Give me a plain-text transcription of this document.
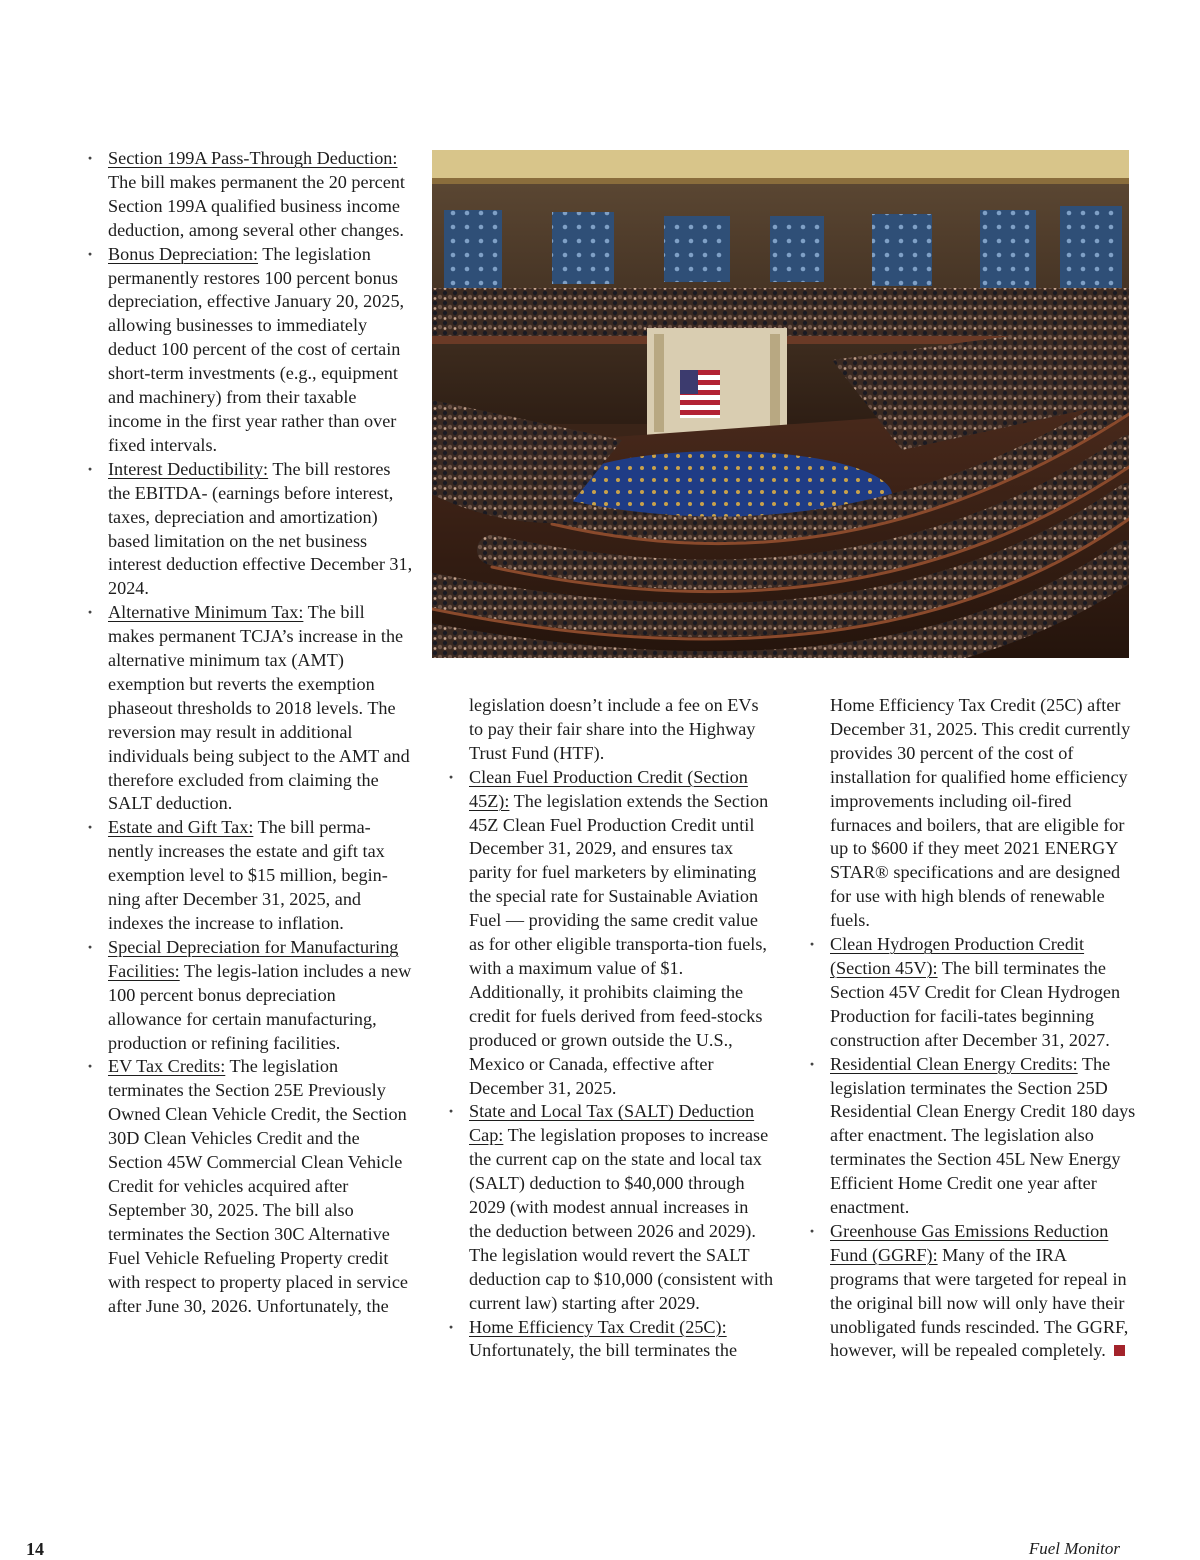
· Section 199A Pass-Through Deduction: The bill makes permanent the 20 percent Section 199A qualified business income deduction, among several other changes.
· Bonus Depreciation: The legislation permanently restores 100 percent bonus depreciation, effective January 20, 2025, allowing businesses to immediately deduct 100 percent of the cost of certain short-term investments (e.g., equipment and machinery) from their taxable income in the first year rather than over fixed intervals.
· Interest Deductibility: The bill restores the EBITDA- (earnings before interest, taxes, depreciation and amortization) based limitation on the net business interest deduction effective December 31, 2024.
· Alternative Minimum Tax: The bill makes permanent TCJA’s increase in the alternative minimum tax (AMT) exemption but reverts the exemption phaseout thresholds to 2018 levels. The reversion may result in additional individuals being subject to the AMT and therefore excluded from claiming the SALT deduction.
· Estate and Gift Tax: The bill perma-nently increases the estate and gift tax exemption level to $15 million, begin-ning after December 31, 2025, and indexes the increase to inflation.
· Special Depreciation for Manufacturing Facilities: The legis-lation includes a new 100 percent bonus depreciation allowance for certain manufacturing, production or refining facilities.
· EV Tax Credits: The legislation terminates the Section 25E Previously Owned Clean Vehicle Credit, the Section 30D Clean Vehicles Credit and the Section 45W Commercial Clean Vehicle Credit for vehicles acquired after September 30, 2025. The bill also terminates the Section 30C Alternative Fuel Vehicle Refueling Property credit with respect to property placed in service after June 30, 2026. Unfortunately, the
legislation doesn’t include a fee on EVs to pay their fair share into the Highway Trust Fund (HTF).
· Clean Fuel Production Credit (Section 45Z): The legislation extends the Section 45Z Clean Fuel Production Credit until December 31, 2029, and ensures tax parity for fuel marketers by eliminating the special rate for Sustainable Aviation Fuel — providing the same credit value as for other eligible transporta-tion fuels, with a maximum value of $1. Additionally, it prohibits claiming the credit for fuels derived from feed-stocks produced or grown outside the U.S., Mexico or Canada, effective after December 31, 2025.
· State and Local Tax (SALT) Deduction Cap: The legislation proposes to increase the current cap on the state and local tax (SALT) deduction to $40,000 through 2029 (with modest annual increases in the deduction between 2026 and 2029). The legislation would revert the SALT deduction cap to $10,000 (consistent with current law) starting after 2029.
· Home Efficiency Tax Credit (25C): Unfortunately, the bill terminates the
Home Efficiency Tax Credit (25C) after December 31, 2025. This credit currently provides 30 percent of the cost of installation for qualified home efficiency improvements including oil-fired furnaces and boilers, that are eligible for up to $600 if they meet 2021 ENERGY STAR® specifications and are designed for use with high blends of renewable fuels.
· Clean Hydrogen Production Credit (Section 45V): The bill terminates the Section 45V Credit for Clean Hydrogen Production for facili-tates beginning construction after December 31, 2027.
· Residential Clean Energy Credits: The legislation terminates the Section 25D Residential Clean Energy Credit 180 days after enactment. The legislation also terminates the Section 45L New Energy Efficient Home Credit one year after enactment.
· Greenhouse Gas Emissions Reduction Fund (GGRF): Many of the IRA programs that were targeted for repeal in the original bill now will only have their unobligated funds rescinded. The GGRF, however, will be repealed completely.
14	Fuel Monitor
